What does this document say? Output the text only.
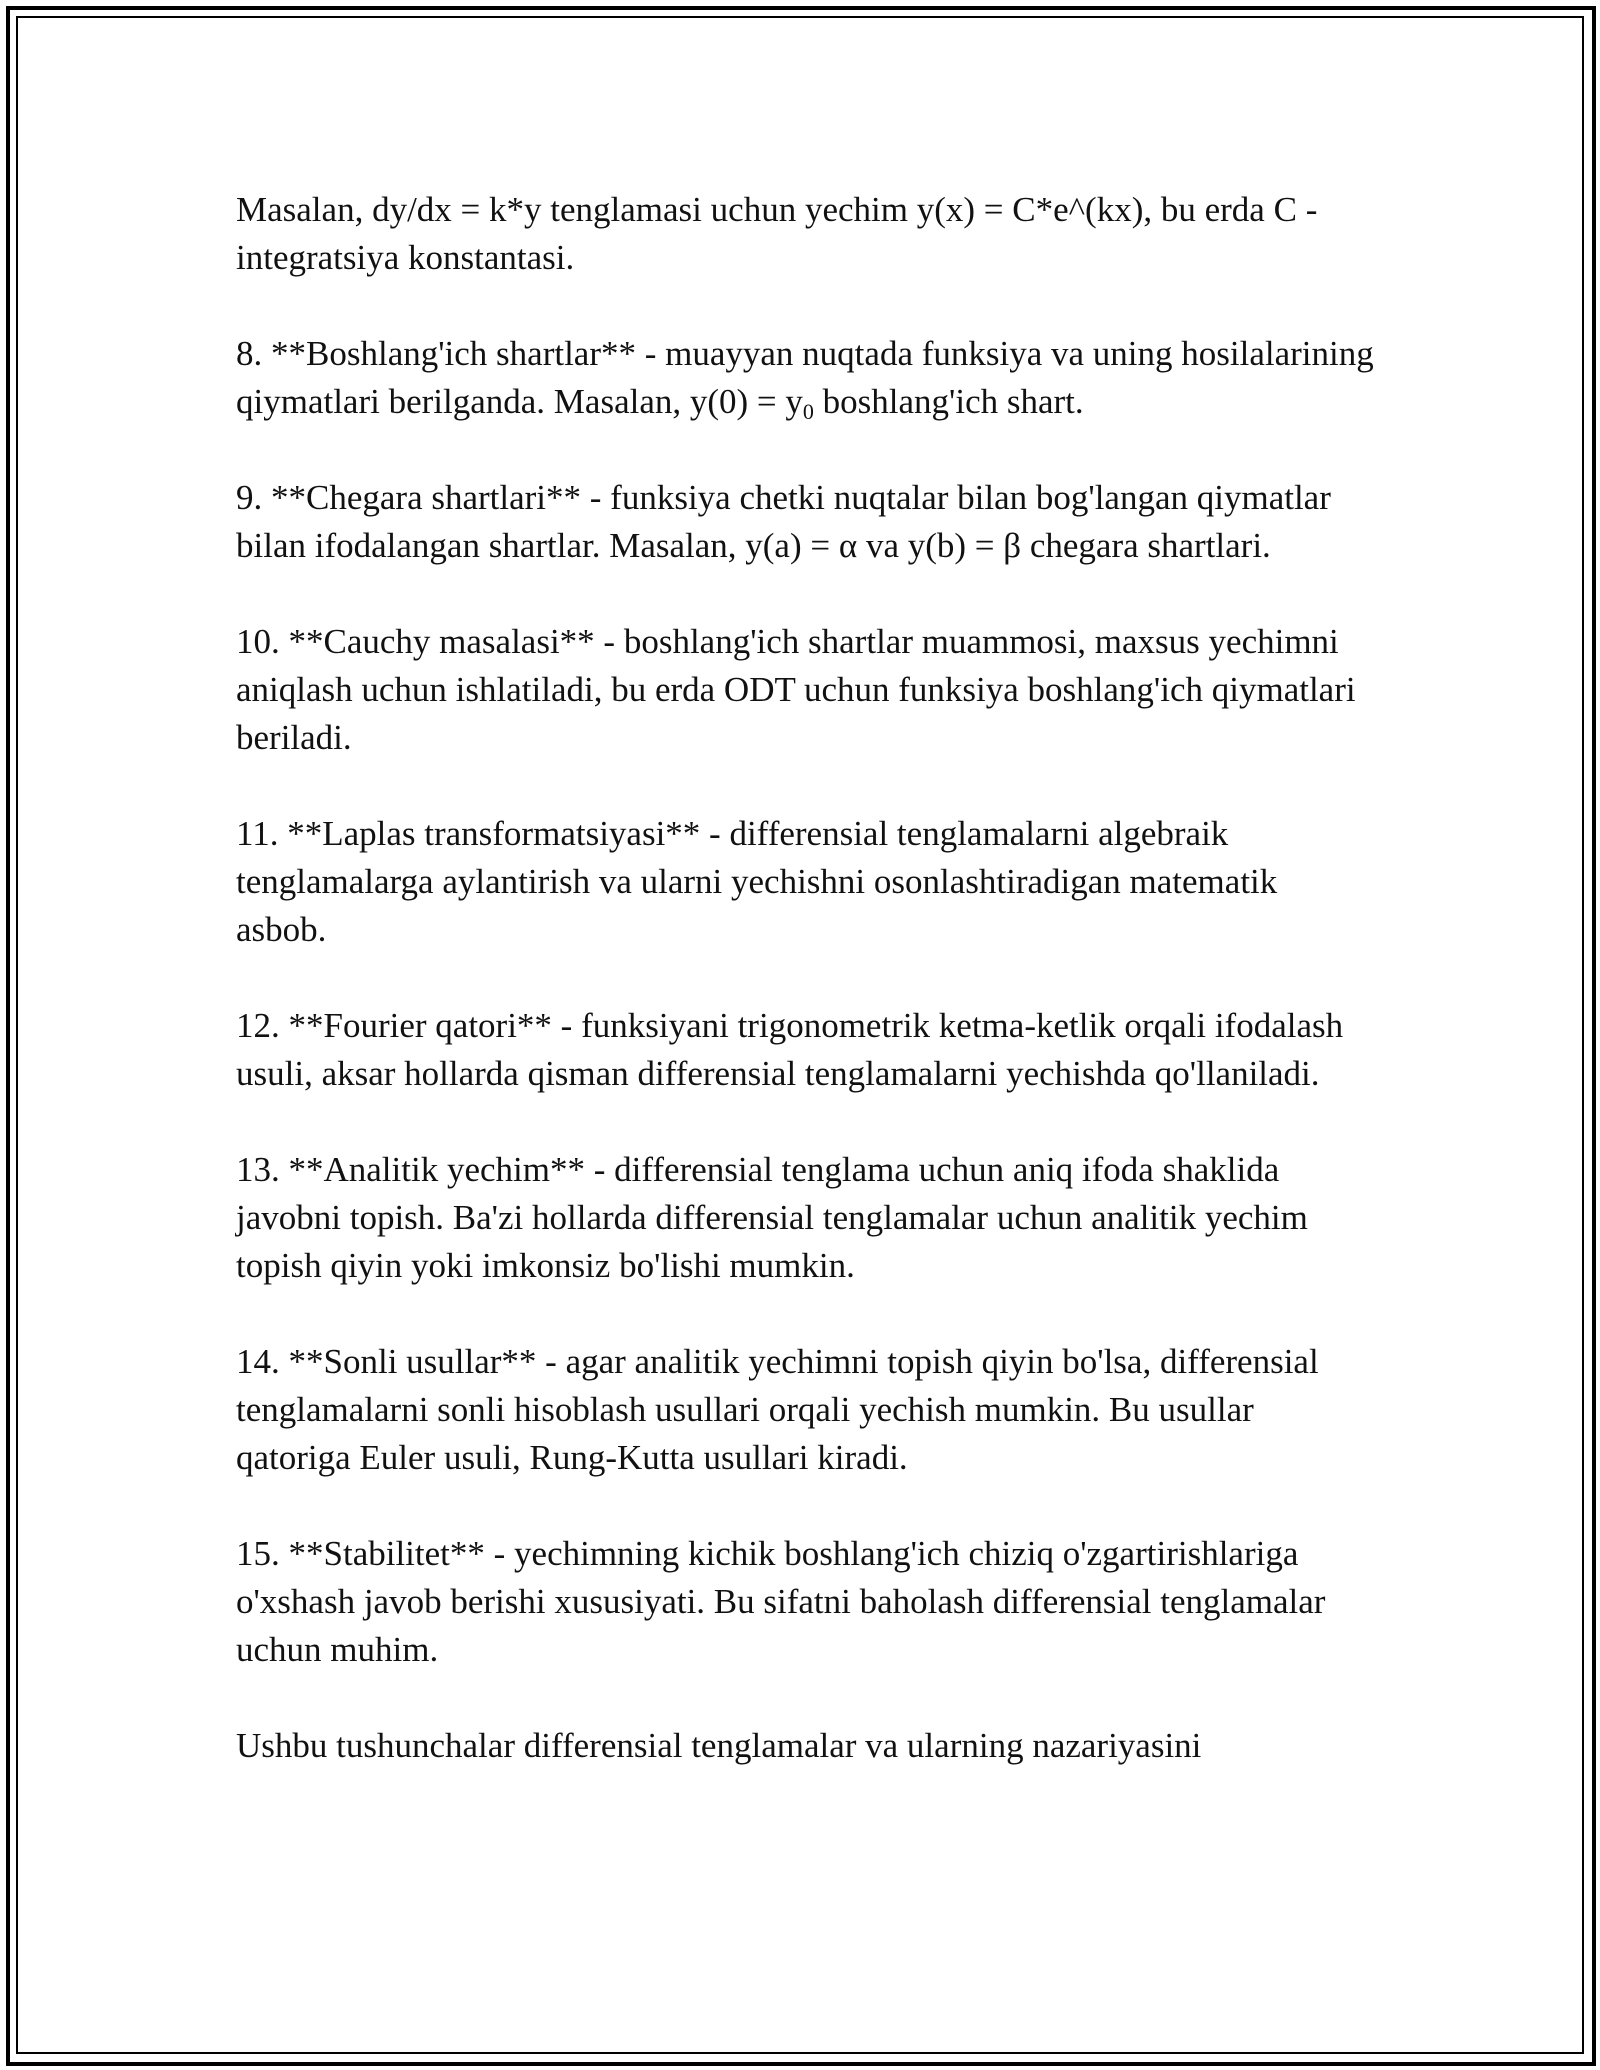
Masalan, dy/dx = k*y tenglamasi uchun yechim y(x) = C*e^(kx), bu erda C - integratsiya konstantasi.

8. **Boshlang'ich shartlar** - muayyan nuqtada funksiya va uning hosilalarining qiymatlari berilganda. Masalan, $y(0) = y_0$ boshlang'ich shart.

9. **Chegara shartlari** - funksiya chetki nuqtalar bilan bog'langan qiymatlar bilan ifodalangan shartlar. Masalan, y(a) = α va y(b) = β chegara shartlari.

10. **Cauchy masalasi** - boshlang'ich shartlar muammosi, maxsus yechimni aniqlash uchun ishlatiladi, bu erda ODT uchun funksiya boshlang'ich qiymatlari beriladi.

11. **Laplas transformatsiyasi** - differensial tenglamalarni algebraik tenglamalarga aylantirish va ularni yechishni osonlashtiradigan matematik asbob.

12. **Fourier qatori** - funksiyani trigonometrik ketma-ketlik orqali ifodalash usuli, aksar hollarda qisman differensial tenglamalarni yechishda qo'llaniladi.

13. **Analitik yechim** - differensial tenglama uchun aniq ifoda shaklida javobni topish. Ba'zi hollarda differensial tenglamalar uchun analitik yechim topish qiyin yoki imkonsiz bo'lishi mumkin.

14. **Sonli usullar** - agar analitik yechimni topish qiyin bo'lsa, differensial tenglamalarni sonli hisoblash usullari orqali yechish mumkin. Bu usullar qatoriga Euler usuli, Rung-Kutta usullari kiradi.

15. **Stabilitet** - yechimning kichik boshlang'ich chiziq o'zgartirishlariga o'xshash javob berishi xususiyati. Bu sifatni baholash differensial tenglamalar uchun muhim.

Ushbu tushunchalar differensial tenglamalar va ularning nazariyasini
